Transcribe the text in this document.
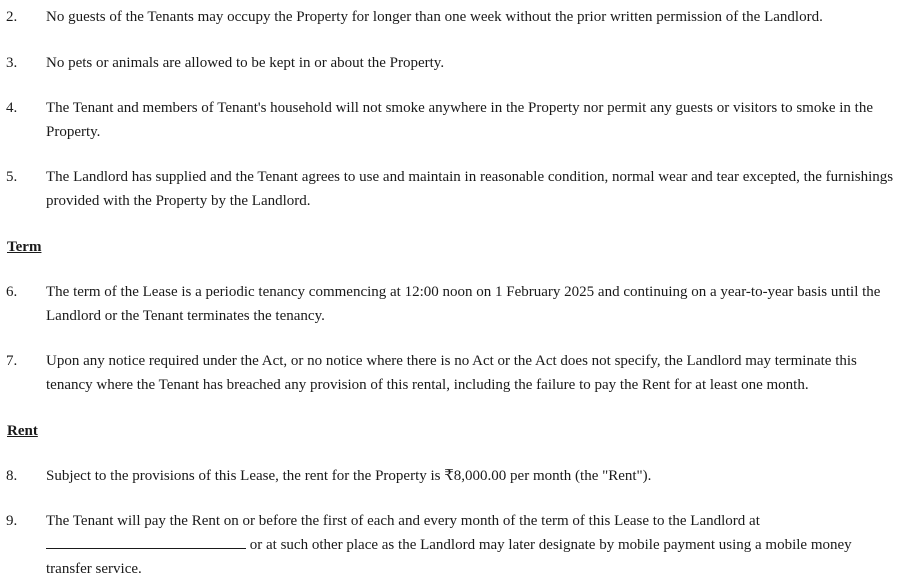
2.	No guests of the Tenants may occupy the Property for longer than one week without the prior written permission of the Landlord.
3.	No pets or animals are allowed to be kept in or about the Property.
4.	The Tenant and members of Tenant's household will not smoke anywhere in the Property nor permit any guests or visitors to smoke in the Property.
5.	The Landlord has supplied and the Tenant agrees to use and maintain in reasonable condition, normal wear and tear excepted, the furnishings provided with the Property by the Landlord.
Term
6.	The term of the Lease is a periodic tenancy commencing at 12:00 noon on 1 February 2025 and continuing on a year-to-year basis until the Landlord or the Tenant terminates the tenancy.
7.	Upon any notice required under the Act, or no notice where there is no Act or the Act does not specify, the Landlord may terminate this tenancy where the Tenant has breached any provision of this rental, including the failure to pay the Rent for at least one month.
Rent
8.	Subject to the provisions of this Lease, the rent for the Property is ₹8,000.00 per month (the "Rent").
9.	The Tenant will pay the Rent on or before the first of each and every month of the term of this Lease to the Landlord at  or at such other place as the Landlord may later designate by mobile payment using a mobile money transfer service.
